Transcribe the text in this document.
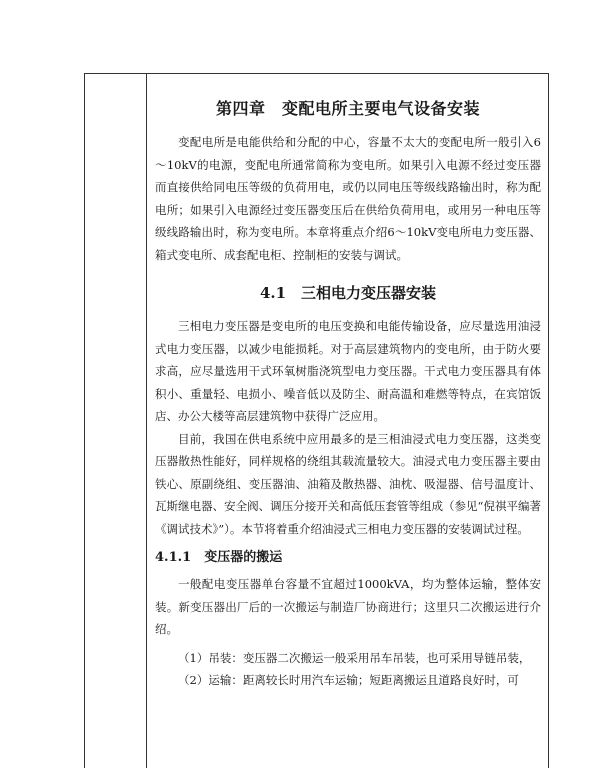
第四章　变配电所主要电气设备安装

变配电所是电能供给和分配的中心，容量不太大的变配电所一般引入6～10kV的电源，变配电所通常简称为变电所。如果引入电源不经过变压器而直接供给同电压等级的负荷用电，或仍以同电压等级线路输出时，称为配电所；如果引入电源经过变压器变压后在供给负荷用电，或用另一种电压等级线路输出时，称为变电所。本章将重点介绍6～10kV变电所电力变压器、箱式变电所、成套配电柜、控制柜的安装与调试。

4.1　三相电力变压器安装

三相电力变压器是变电所的电压变换和电能传输设备，应尽量选用油浸式电力变压器，以减少电能损耗。对于高层建筑物内的变电所，由于防火要求高，应尽量选用干式环氧树脂浇筑型电力变压器。干式电力变压器具有体积小、重量轻、电损小、噪音低以及防尘、耐高温和难燃等特点，在宾馆饭店、办公大楼等高层建筑物中获得广泛应用。

目前，我国在供电系统中应用最多的是三相油浸式电力变压器，这类变压器散热性能好，同样规格的绕组其载流量较大。油浸式电力变压器主要由铁心、原副绕组、变压器油、油箱及散热器、油枕、吸湿器、信号温度计、瓦斯继电器、安全阀、调压分接开关和高低压套管等组成（参见“倪祺平编著《调试技术》”）。本节将着重介绍油浸式三相电力变压器的安装调试过程。

4.1.1　变压器的搬运

一般配电变压器单台容量不宜超过1000kVA，均为整体运输，整体安装。新变压器出厂后的一次搬运与制造厂协商进行；这里只二次搬运进行介绍。

（1）吊装：变压器二次搬运一般采用吊车吊装，也可采用导链吊装，

（2）运输：距离较长时用汽车运输；短距离搬运且道路良好时，可
